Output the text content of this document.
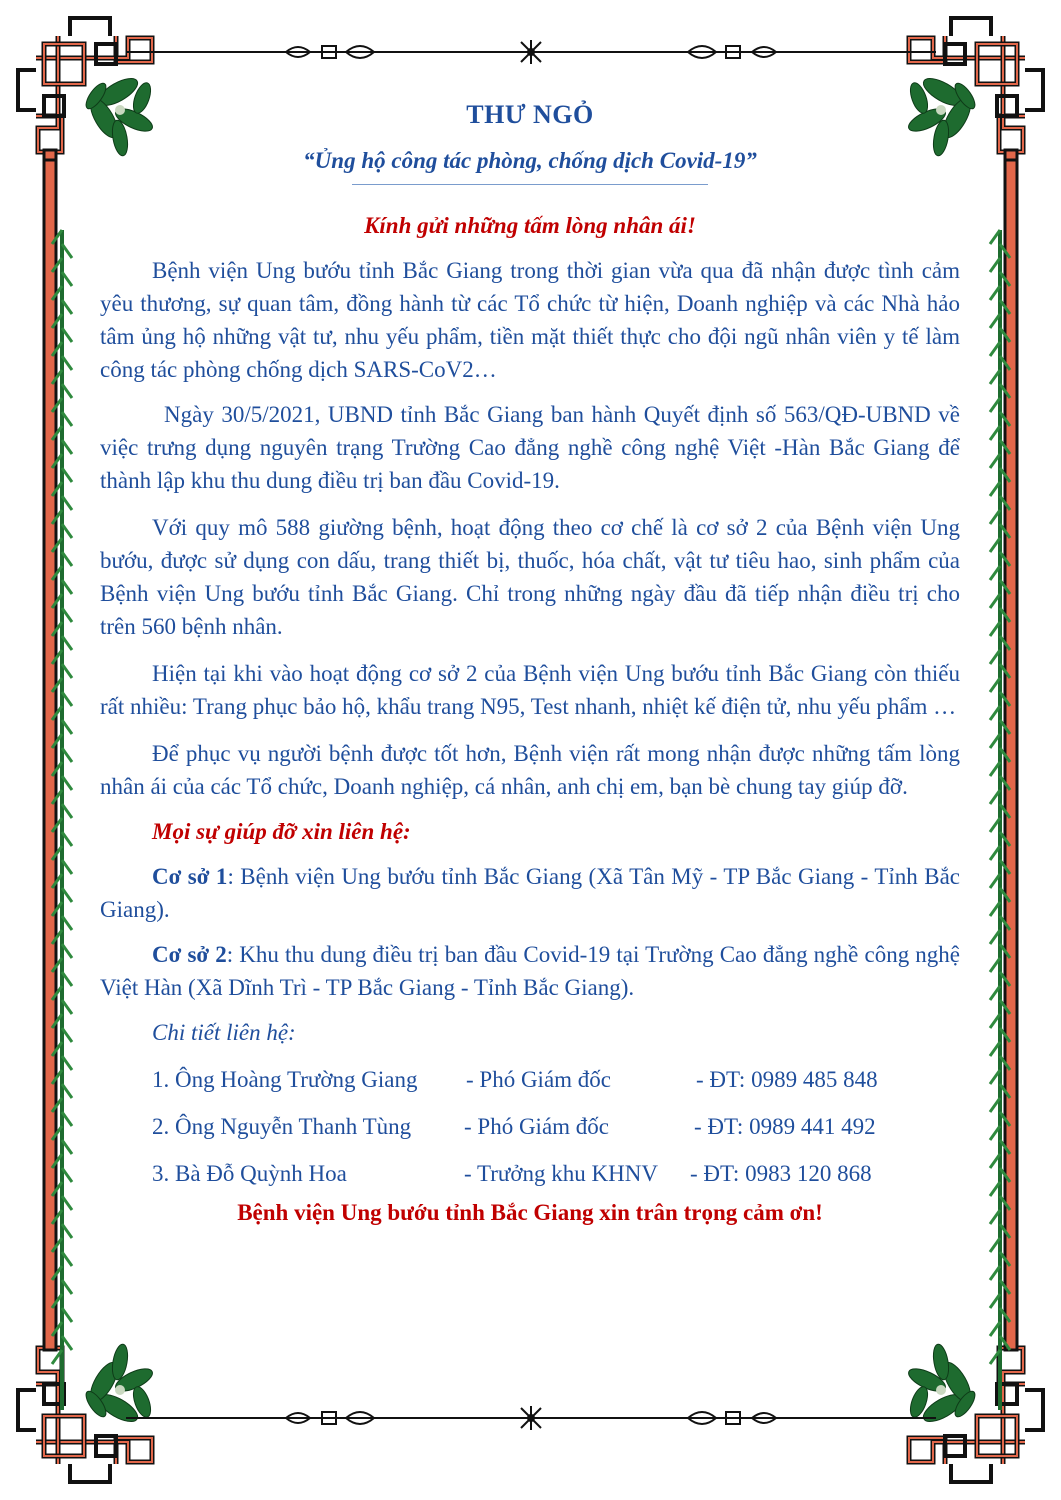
THƯ NGỎ
“Ủng hộ công tác phòng, chống dịch Covid-19”
Kính gửi những tấm lòng nhân ái!

Bệnh viện Ung bướu tỉnh Bắc Giang trong thời gian vừa qua đã nhận được tình cảm yêu thương, sự quan tâm, đồng hành từ các Tổ chức từ hiện, Doanh nghiệp và các Nhà hảo tâm ủng hộ những vật tư, nhu yếu phẩm, tiền mặt thiết thực cho đội ngũ nhân viên y tế làm công tác phòng chống dịch SARS-CoV2…

Ngày 30/5/2021, UBND tỉnh Bắc Giang ban hành Quyết định số 563/QĐ-UBND về việc trưng dụng nguyên trạng Trường Cao đẳng nghề công nghệ Việt -Hàn Bắc Giang để thành lập khu thu dung điều trị ban đầu Covid-19.

Với quy mô 588 giường bệnh, hoạt động theo cơ chế là cơ sở 2 của Bệnh viện Ung bướu, được sử dụng con dấu, trang thiết bị, thuốc, hóa chất, vật tư tiêu hao, sinh phẩm của Bệnh viện Ung bướu tỉnh Bắc Giang. Chỉ trong những ngày đầu đã tiếp nhận điều trị cho trên 560 bệnh nhân.

Hiện tại khi vào hoạt động cơ sở 2 của Bệnh viện Ung bướu tỉnh Bắc Giang còn thiếu rất nhiều: Trang phục bảo hộ, khẩu trang N95, Test nhanh, nhiệt kế điện tử, nhu yếu phẩm …

Để phục vụ người bệnh được tốt hơn, Bệnh viện rất mong nhận được những tấm lòng nhân ái của các Tổ chức, Doanh nghiệp, cá nhân, anh chị em, bạn bè chung tay giúp đỡ.

Mọi sự giúp đỡ xin liên hệ:

Cơ sở 1: Bệnh viện Ung bướu tỉnh Bắc Giang (Xã Tân Mỹ - TP Bắc Giang - Tỉnh Bắc Giang).

Cơ sở 2: Khu thu dung điều trị ban đầu Covid-19 tại Trường Cao đẳng nghề công nghệ Việt Hàn (Xã Dĩnh Trì - TP Bắc Giang - Tỉnh Bắc Giang).

Chi tiết liên hệ:
1. Ông Hoàng Trường Giang - Phó Giám đốc	- ĐT: 0989 485 848
2. Ông Nguyễn Thanh Tùng - Phó Giám đốc	- ĐT: 0989 441 492
3. Bà Đỗ Quỳnh Hoa	- Trưởng khu KHNV - ĐT: 0983 120 868
Bệnh viện Ung bướu tỉnh Bắc Giang xin trân trọng cảm ơn!
